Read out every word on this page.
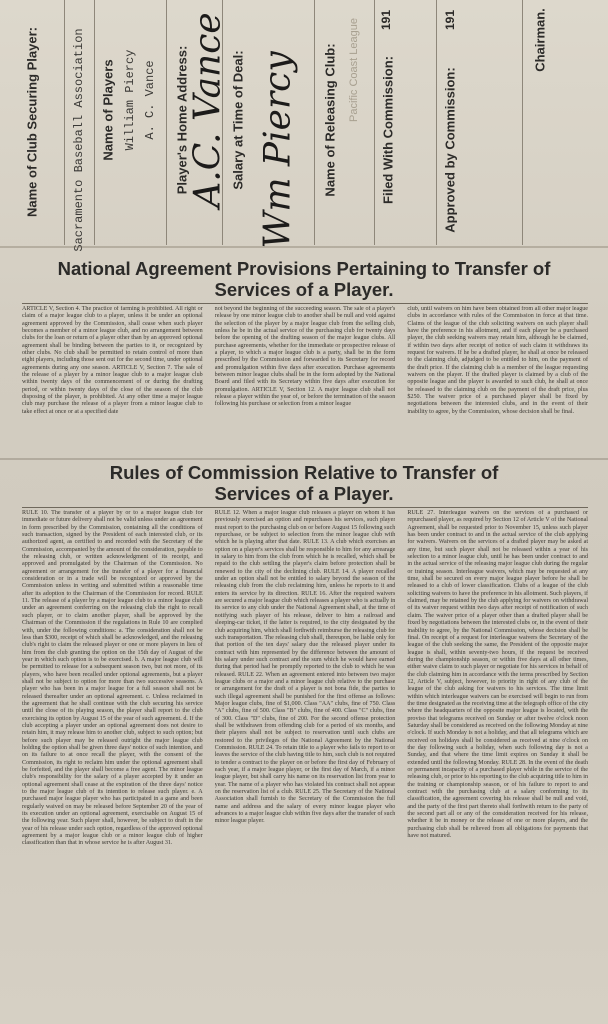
Name of Club Securing Player:	Sacramento Baseball Association Name of Players William Piercy A. C. Vance Player's Home Address:
A.C. Vance Salary at Time of Deal: Wm Piercy Name of Releasing Club: Pacific Coast League 191
Filed With Commission:
191
Approved by Commission:
Chairman.
National Agreement Provisions Pertaining to Transfer of
Services of a Player.
ARTICLE V, Section 4. The practice of farming is prohibited. All right or claim of a major league club to a player, unless it be under an optional agreement approved by the Commission, shall cease when such player becomes a member of a minor league club, and no arrangement between clubs for the loan or return of a player other than by an approved optional agreement shall be binding between the parties to it, or recognized by other clubs. No club shall be permitted to retain control of more than eight players, including those sent out for the second time, under optional agreements during any one season. ARTICLE V, Section 7. The sale of the release of a player by a minor league club to a major league club within twenty days of the commencement of or during the drafting period, or within twenty days of the close of the season of the club disposing of the player, is prohibited. At any other time a major league club may purchase the release of a player from a minor league club to take effect at once or at a specified date
not beyond the beginning of the succeeding season. The sale of a player's release by one minor league club to another shall be null and void against the selection of the player by a major league club from the selling club, unless he be in the actual service of the purchasing club for twenty days before the opening of the drafting season of the major league clubs. All purchase agreements, whether for the immediate or prospective release of a player, to which a major league club is a party, shall be in the form prescribed by the Commission and forwarded to its Secretary for record and promulgation within five days after execution. Purchase agreements between minor league clubs shall be in the form adopted by the National Board and filed with its Secretary within five days after execution for promulgation. ARTICLE V, Section 12. A major league club shall not release a player within the year of, or before the termination of the season following his purchase or selection from a minor league
club, until waivers on him have been obtained from all other major league clubs in accordance with rules of the Commission in force at that time. Claims of the league of the club soliciting waivers on such player shall have the preference in his allotment, and if each player be a purchased player, the club seeking waivers may retain him, although he be claimed, if within two days after receipt of notice of such claim it withdraws its request for waivers. If he be a drafted player, he shall at once be released to the claiming club, adjudged to be entitled to him, on the payment of the draft price. If the claiming club is a member of the league requesting waivers on the player. If the drafted player is claimed by a club of the opposite league and the player is awarded to such club, he shall at once be released to the claiming club on the payment of the draft price, plus $250. The waiver price of a purchased player shall be fixed by negotiations between the interested clubs, and in the event of their inability to agree, by the Commission, whose decision shall be final.
Rules of Commission Relative to Transfer of
Services of a Player.
RULE 10. The transfer of a player by or to a major league club for immediate or future delivery shall not be valid unless under an agreement in form prescribed by the Commission, containing all the conditions of such transaction, signed by the President of each interested club, or its authorized agent, as certified to and recorded with the Secretary of the Commission, accompanied by the amount of the consideration, payable to the releasing club, or written acknowledgment of its receipt, and approved and promulgated by the Chairman of the Commission. No agreement or arrangement for the transfer of a player for a financial consideration or in a trade will be recognized or approved by the Commission unless in writing and submitted within a reasonable time after its adoption to the Chairman of the Commission for record. RULE 11. The release of a player by a major league club to a minor league club under an agreement conferring on the releasing club the right to recall such player, or to claim another player, shall be approved by the Chairman of the Commission if the regulations in Rule 10 are complied with, under the following conditions: a. The consideration shall not be less than $300, receipt of which shall be acknowledged, and the releasing club's right to claim the released player or one or more players in lieu of him from the club granting the option on the 15th day of August of the year in which such option is to be exercised. b. A major league club will be permitted to release for a subsequent season two, but not more, of its players, who have been recalled under optional agreements, but a player shall not be subject to option for more than two successive seasons. A player who has been in a major league for a full season shall not be released thereafter under an optional agreement. c. Unless reclaimed in the agreement that he shall continue with the club securing his service until the close of its playing season, the player shall report to the club exercising its option by August 15 of the year of such agreement. d. If the club accepting a player under an optional agreement does not desire to retain him, it may release him to another club, subject to such option; but before such player may be released outright the major league club holding the option shall be given three days' notice of such intention, and on its failure to at once recall the player, with the consent of the Commission, its right to reclaim him under the optional agreement shall be forfeited, and the player shall become a free agent. The minor league club's responsibility for the salary of a player accepted by it under an optional agreement shall cease at the expiration of the three days' notice to the major league club of its intention to release such player. e. A purchased major league player who has participated in a game and been regularly waived on may be released before September 20 of the year of its execution under an optional agreement, exercisable on August 15 of the following year. Such player shall, however, be subject to draft in the year of his release under such option, regardless of the approved optional agreement by a major league club or a minor league club of higher classification than that in whose service he is after August 31.
RULE 12. When a major league club releases a player on whom it has previously exercised an option and repurchases his services, such player must report to the purchasing club on or before August 15 following such repurchase, or be subject to selection from the minor league club with which he is playing after that date. RULE 13. A club which exercises an option on a player's services shall be responsible to him for any arrearage in salary to him from the club from which he is recalled, which shall be repaid to the club settling the player's claim before protection shall be renewed to the city of the declining club. RULE 14. A player recalled under an option shall not be entitled to salary beyond the season of the releasing club from the club reclaiming him, unless he reports to it and enters its service by its direction. RULE 16. After the required waivers are secured a major league club which releases a player who is actually in its service to any club under the National Agreement shall, at the time of notifying such player of his release, deliver to him a railroad and sleeping-car ticket, if the latter is required, to the city designated by the club acquiring him, which shall forthwith reimburse the releasing club for such transportation. The releasing club shall, thereupon, be liable only for that portion of the ten days' salary due the released player under its contract with him represented by the difference between the amount of his salary under such contract and the sum which he would have earned during that period had he promptly reported to the club to which he was released. RULE 22. When an agreement entered into between two major league clubs or a major and a minor league club relative to the purchase or arrangement for the draft of a player is not bona fide, the parties to such illegal agreement shall be punished for the first offense as follows: Major league clubs, fine of $1,000. Class "AA" clubs, fine of 750. Class "A" clubs, fine of 500. Class "B" clubs, fine of 400. Class "C" clubs, fine of 300. Class "D" clubs, fine of 200. For the second offense protection shall be withdrawn from offending club for a period of six months, and their players shall not be subject to reservation until such clubs are restored to the privileges of the National Agreement by the National Commission. RULE 24. To retain title to a player who fails to report to or leaves the service of the club having title to him, such club is not required to tender a contract to the player on or before the first day of February of each year, if a major league player, or the first day of March, if a minor league player, but shall carry his name on its reservation list from year to year. The name of a player who has violated his contract shall not appear on the reservation list of a club. RULE 25. The Secretary of the National Association shall furnish to the Secretary of the Commission the full name and address and the salary of every minor league player who advances to a major league club within five days after the transfer of such minor league player.
RULE 27. Interleague waivers on the services of a purchased or repurchased player, as required by Section 12 of Article V of the National Agreement, shall be requested prior to November 15, unless such player has been under contract to and in the actual service of the club applying for waivers. Waivers on the services of a drafted player may be asked at any time, but such player shall not be released within a year of his selection to a minor league club, until he has been under contract to and in the actual service of the releasing major league club during the regular or training season. Interleague waivers, which may be requested at any time, shall be secured on every major league player before he shall be released to a club of lower classification. Clubs of a league of the club soliciting waivers to have the preference in his allotment. Such players, if claimed, may be retained by the club applying for waivers on withdrawal of its waiver request within two days after receipt of notification of such claim. The waiver price of a player other than a drafted player shall be fixed by negotiations between the interested clubs or, in the event of their inability to agree, by the National Commission, whose decision shall be final. On receipt of a request for interleague waivers the Secretary of the league of the club seeking the same, the President of the opposite major league is shall, within seventy-two hours, if the request be received during the championship season, or within five days at all other times, either waive claim to such player or negotiate for his services in behalf of the club claiming him in accordance with the terms prescribed by Section 12, Article V, subject, however, to priority in right of any club of the league of the club asking for waivers to his services. The time limit within which interleague waivers can be exercised will begin to run from the time designated as the receiving time at the telegraph office of the city where the headquarters of the opposite major league is located, with the proviso that telegrams received on Sunday or after twelve o'clock noon Saturday shall be considered as received on the following Monday at nine o'clock. If such Monday is not a holiday, and that all telegrams which are received on holidays shall be considered as received at nine o'clock on the day following such a holiday, when such following day is not a Sunday, and that where the time limit expires on Sunday it shall be extended until the following Monday. RULE 28. In the event of the death or permanent incapacity of a purchased player while in the service of the releasing club, or prior to his reporting to the club acquiring title to him in the training or championship season, or of his failure to report to and contract with the purchasing club at a salary conforming to its classification, the agreement covering his release shall be null and void, and the party of the first part thereto shall forthwith return to the party of the second part all or any of the consideration received for his release, whether it be in money or the release of one or more players, and the purchasing club shall be relieved from all obligations for payments that have not matured.
